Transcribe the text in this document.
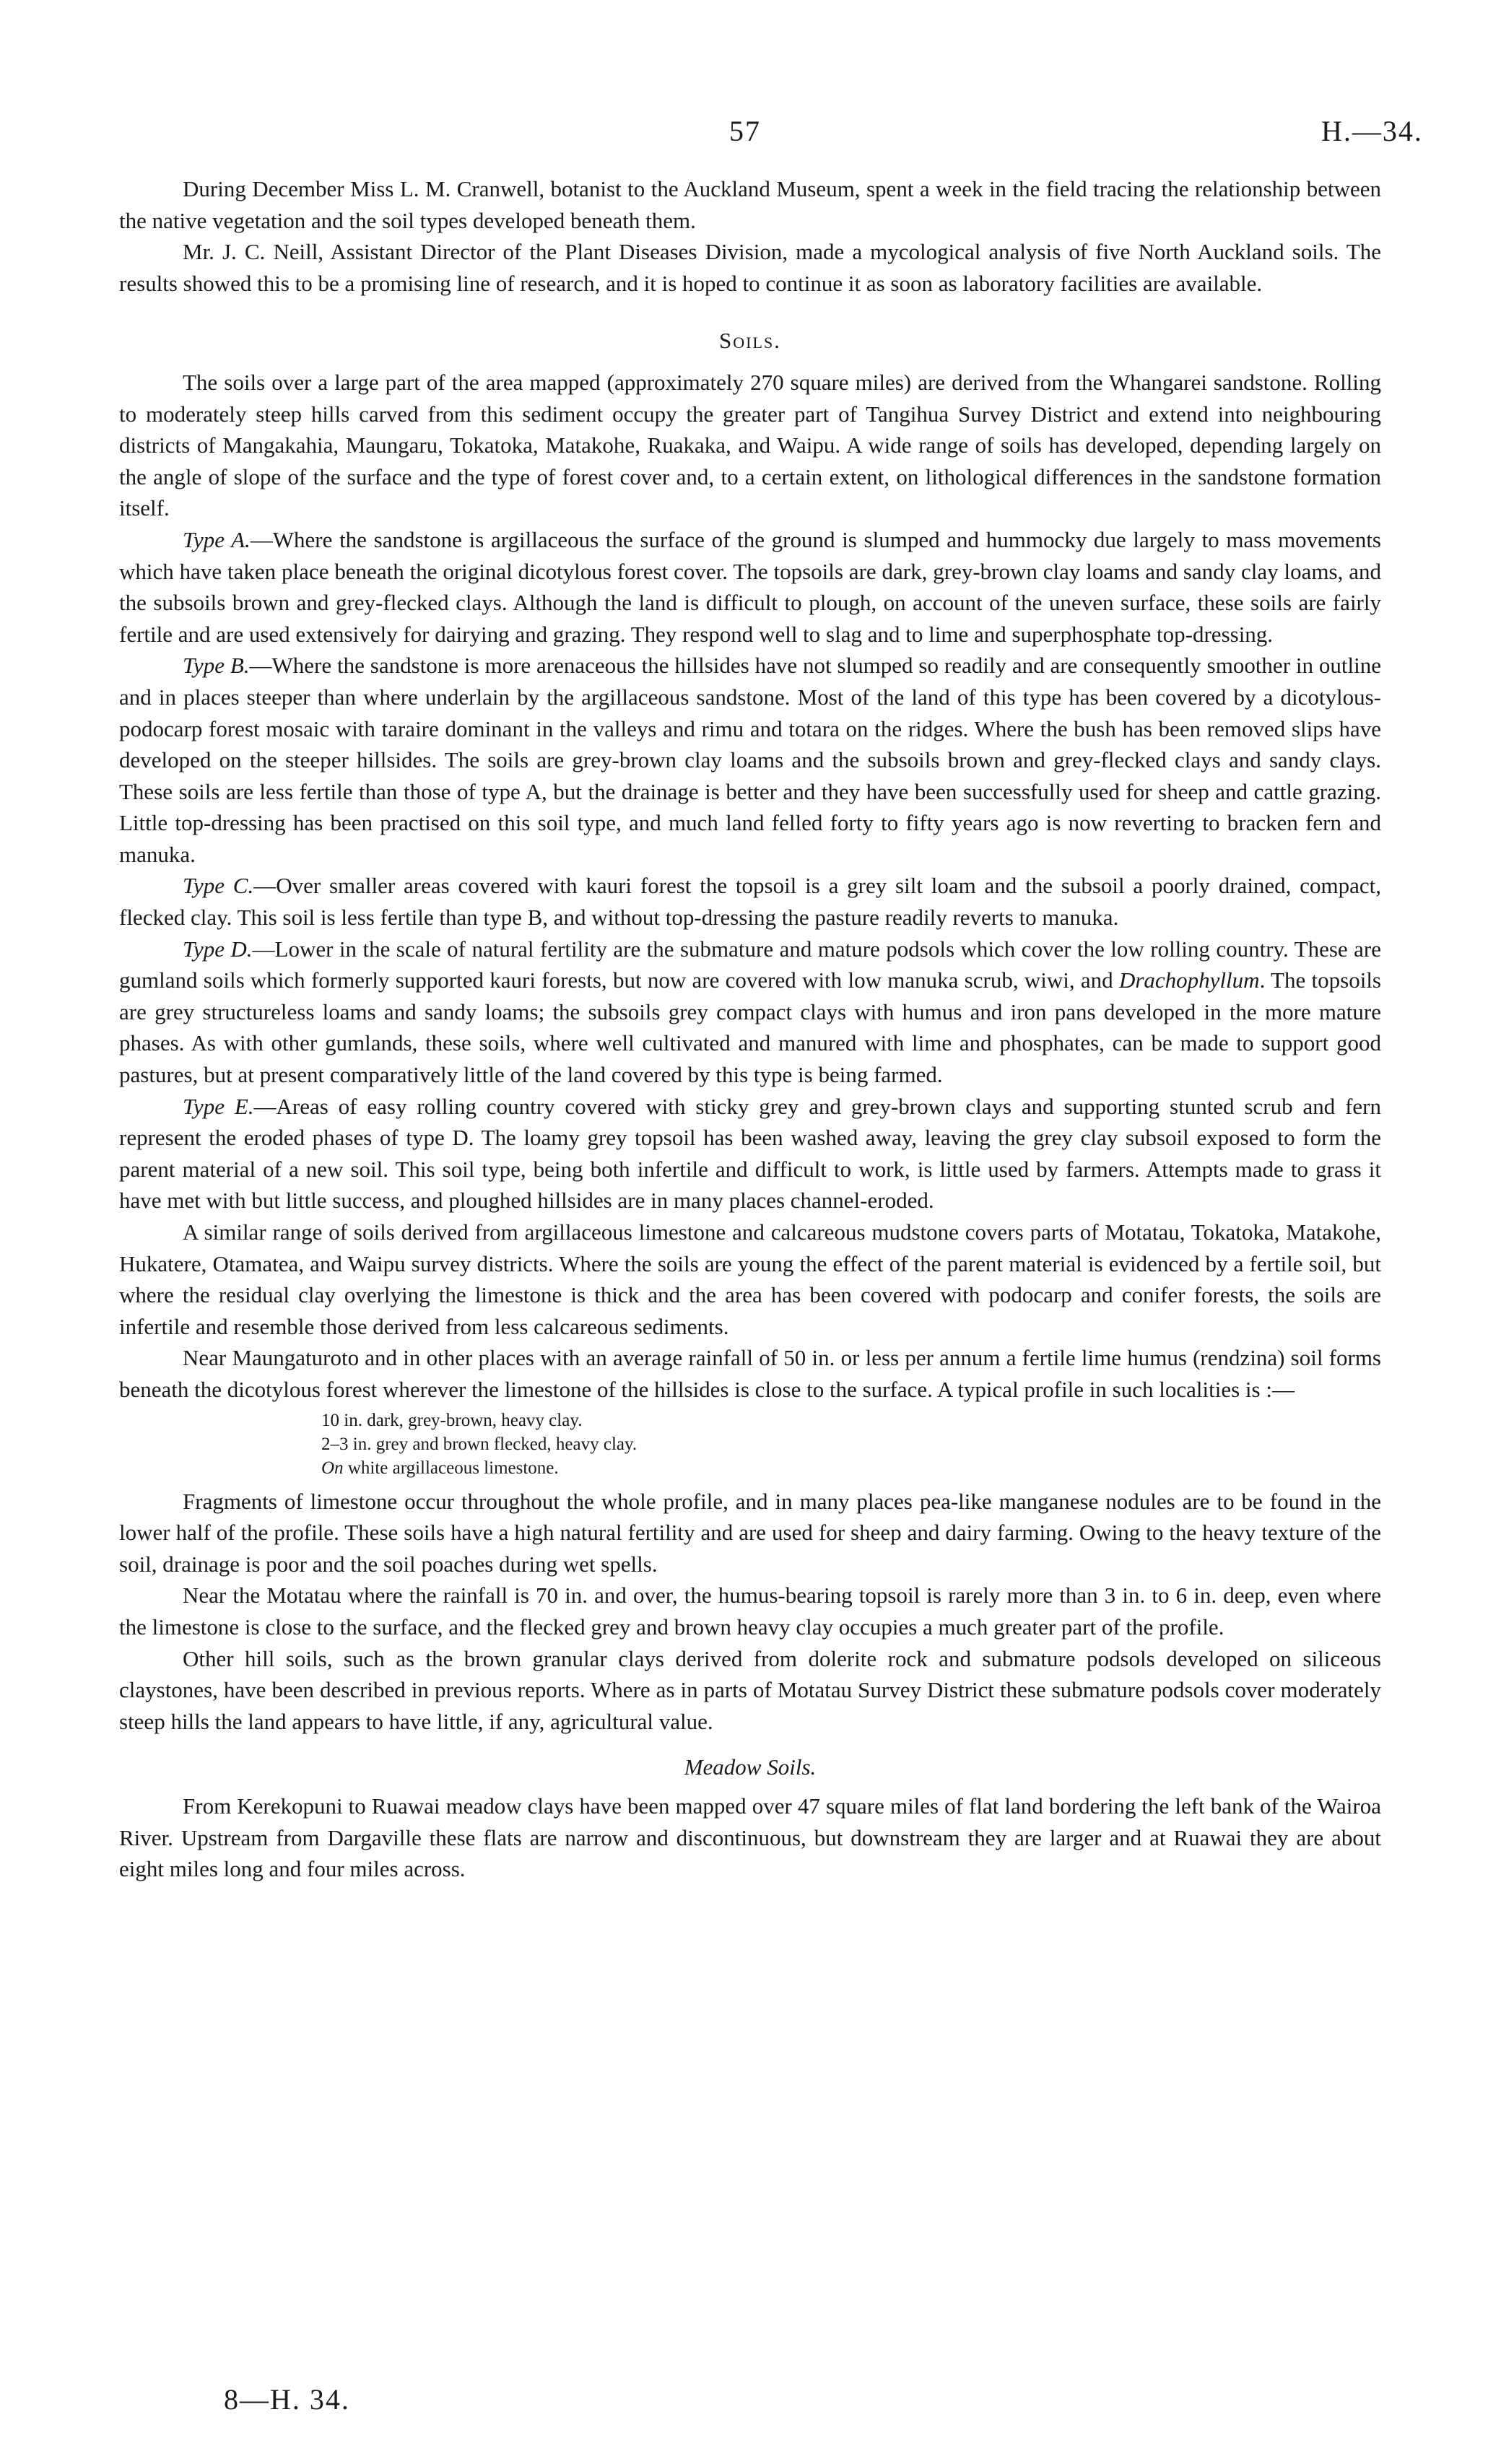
57	H.—34.

During December Miss L. M. Cranwell, botanist to the Auckland Museum, spent a week in the field tracing the relationship between the native vegetation and the soil types developed beneath them.

Mr. J. C. Neill, Assistant Director of the Plant Diseases Division, made a mycological analysis of five North Auckland soils. The results showed this to be a promising line of research, and it is hoped to continue it as soon as laboratory facilities are available.

Soils.

The soils over a large part of the area mapped (approximately 270 square miles) are derived from the Whangarei sandstone. Rolling to moderately steep hills carved from this sediment occupy the greater part of Tangihua Survey District and extend into neighbouring districts of Mangakahia, Maungaru, Tokatoka, Matakohe, Ruakaka, and Waipu. A wide range of soils has developed, depending largely on the angle of slope of the surface and the type of forest cover and, to a certain extent, on lithological differences in the sandstone formation itself.

Type A.—Where the sandstone is argillaceous the surface of the ground is slumped and hummocky due largely to mass movements which have taken place beneath the original dicotylous forest cover. The topsoils are dark, grey-brown clay loams and sandy clay loams, and the subsoils brown and grey-flecked clays. Although the land is difficult to plough, on account of the uneven surface, these soils are fairly fertile and are used extensively for dairying and grazing. They respond well to slag and to lime and superphosphate top-dressing.

Type B.—Where the sandstone is more arenaceous the hillsides have not slumped so readily and are consequently smoother in outline and in places steeper than where underlain by the argillaceous sandstone. Most of the land of this type has been covered by a dicotylous-podocarp forest mosaic with taraire dominant in the valleys and rimu and totara on the ridges. Where the bush has been removed slips have developed on the steeper hillsides. The soils are grey-brown clay loams and the subsoils brown and grey-flecked clays and sandy clays. These soils are less fertile than those of type A, but the drainage is better and they have been successfully used for sheep and cattle grazing. Little top-dressing has been practised on this soil type, and much land felled forty to fifty years ago is now reverting to bracken fern and manuka.

Type C.—Over smaller areas covered with kauri forest the topsoil is a grey silt loam and the subsoil a poorly drained, compact, flecked clay. This soil is less fertile than type B, and without top-dressing the pasture readily reverts to manuka.

Type D.—Lower in the scale of natural fertility are the submature and mature podsols which cover the low rolling country. These are gumland soils which formerly supported kauri forests, but now are covered with low manuka scrub, wiwi, and Drachophyllum. The topsoils are grey structureless loams and sandy loams; the subsoils grey compact clays with humus and iron pans developed in the more mature phases. As with other gumlands, these soils, where well cultivated and manured with lime and phosphates, can be made to support good pastures, but at present comparatively little of the land covered by this type is being farmed.

Type E.—Areas of easy rolling country covered with sticky grey and grey-brown clays and supporting stunted scrub and fern represent the eroded phases of type D. The loamy grey topsoil has been washed away, leaving the grey clay subsoil exposed to form the parent material of a new soil. This soil type, being both infertile and difficult to work, is little used by farmers. Attempts made to grass it have met with but little success, and ploughed hillsides are in many places channel-eroded.

A similar range of soils derived from argillaceous limestone and calcareous mudstone covers parts of Motatau, Tokatoka, Matakohe, Hukatere, Otamatea, and Waipu survey districts. Where the soils are young the effect of the parent material is evidenced by a fertile soil, but where the residual clay overlying the limestone is thick and the area has been covered with podocarp and conifer forests, the soils are infertile and resemble those derived from less calcareous sediments.

Near Maungaturoto and in other places with an average rainfall of 50 in. or less per annum a fertile lime humus (rendzina) soil forms beneath the dicotylous forest wherever the limestone of the hillsides is close to the surface. A typical profile in such localities is :—

10 in. dark, grey-brown, heavy clay.
2–3 in. grey and brown flecked, heavy clay.
On white argillaceous limestone.

Fragments of limestone occur throughout the whole profile, and in many places pea-like manganese nodules are to be found in the lower half of the profile. These soils have a high natural fertility and are used for sheep and dairy farming. Owing to the heavy texture of the soil, drainage is poor and the soil poaches during wet spells.

Near the Motatau where the rainfall is 70 in. and over, the humus-bearing topsoil is rarely more than 3 in. to 6 in. deep, even where the limestone is close to the surface, and the flecked grey and brown heavy clay occupies a much greater part of the profile.

Other hill soils, such as the brown granular clays derived from dolerite rock and submature podsols developed on siliceous claystones, have been described in previous reports. Where as in parts of Motatau Survey District these submature podsols cover moderately steep hills the land appears to have little, if any, agricultural value.

Meadow Soils.

From Kerekopuni to Ruawai meadow clays have been mapped over 47 square miles of flat land bordering the left bank of the Wairoa River. Upstream from Dargaville these flats are narrow and discontinuous, but downstream they are larger and at Ruawai they are about eight miles long and four miles across.

8—H. 34.
